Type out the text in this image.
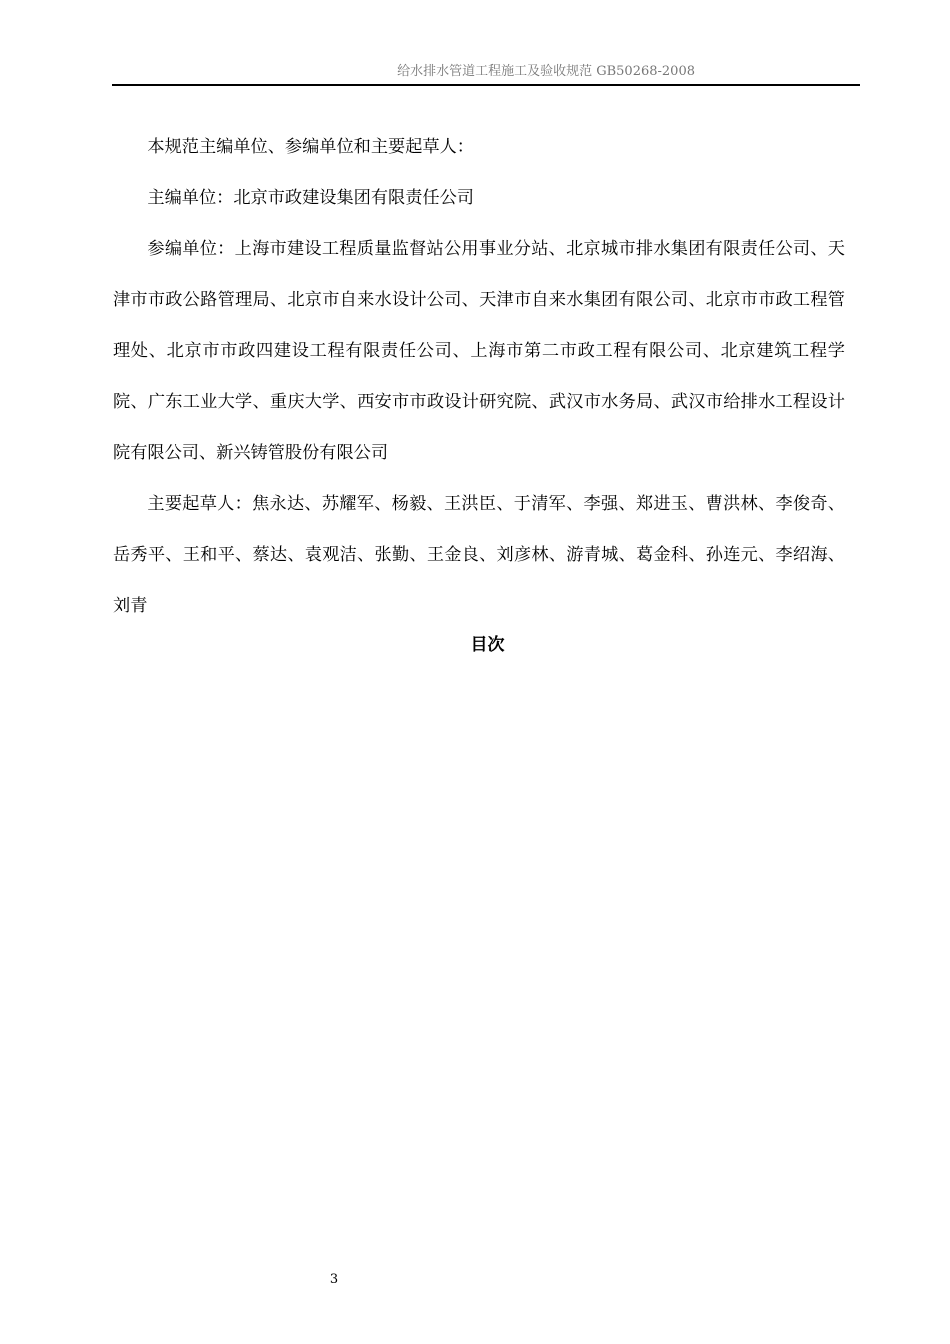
给水排水管道工程施工及验收规范 GB50268-2008

本规范主编单位、参编单位和主要起草人：

主编单位：北京市政建设集团有限责任公司

参编单位：上海市建设工程质量监督站公用事业分站、北京城市排水集团有限责任公司、天津市市政公路管理局、北京市自来水设计公司、天津市自来水集团有限公司、北京市市政工程管理处、北京市市政四建设工程有限责任公司、上海市第二市政工程有限公司、北京建筑工程学院、广东工业大学、重庆大学、西安市市政设计研究院、武汉市水务局、武汉市给排水工程设计院有限公司、新兴铸管股份有限公司

主要起草人：焦永达、苏耀军、杨毅、王洪臣、于清军、李强、郑进玉、曹洪林、李俊奇、岳秀平、王和平、蔡达、袁观洁、张勤、王金良、刘彦林、游青城、葛金科、孙连元、李绍海、刘青

目次
3
